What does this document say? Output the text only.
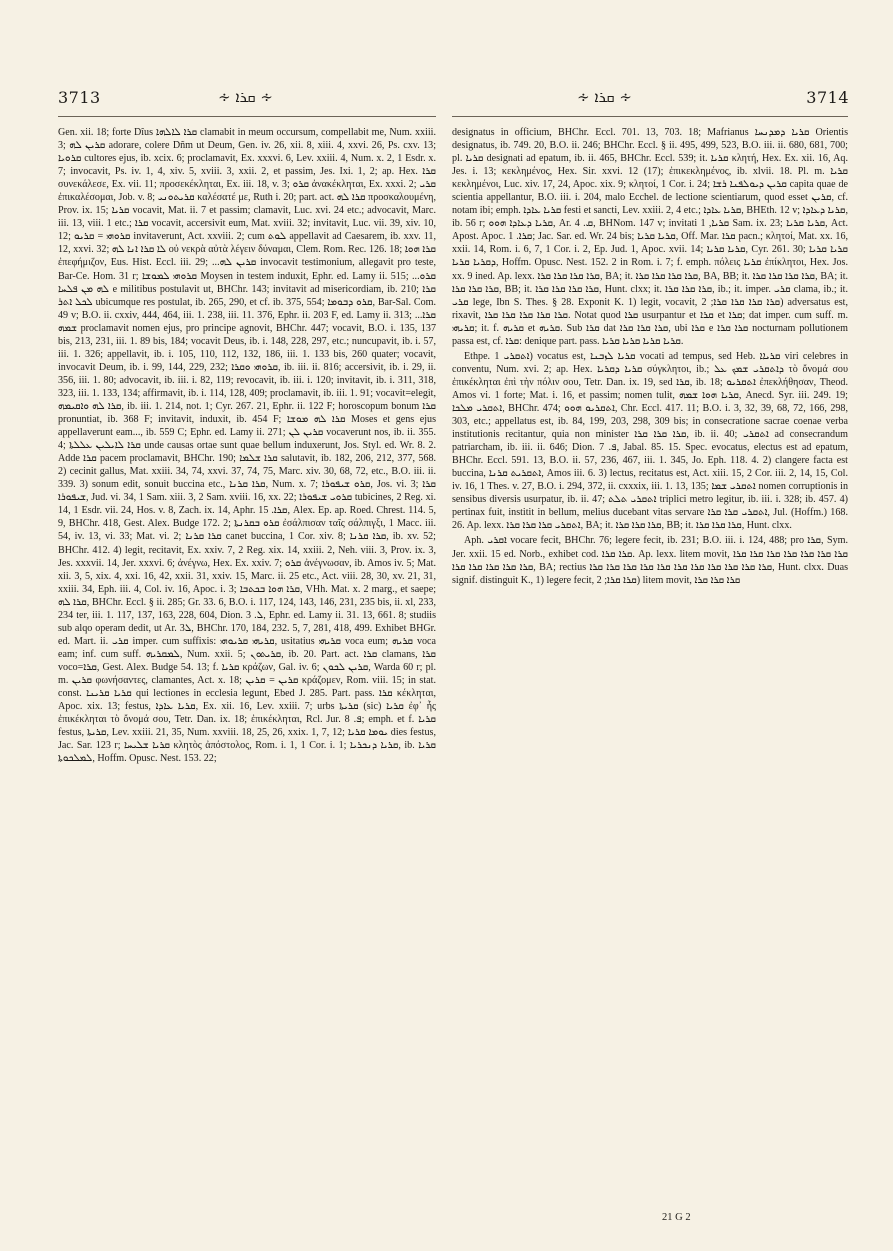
3713	∻ ܩܪܐ ∻	∻ ܩܪܐ ∻	3714

Gen. xii. 18; forte Dîus ܩܪܐ ܠܐܠܗܐ clamabit in meum occursum, compellabit me, Num. xxiii. 3; ܩܪܝܢ ܠܗ adorare, colere Dñm ut Deum, Gen. iv. 26, xii. 8, xiii. 4, xxvi. 26, Ps. cxv. 13; ܩܪܘܝܐ cultores ejus, ib. xcix. 6; proclamavit, Ex. xxxvi. 6, Lev. xxiii. 4, Num. x. 2, 1 Esdr. x. 7; invocavit, Ps. iv. 1, 4, xiv. 5, xviii. 3, xxii. 2, et passim, Jes. Ixi. 1, 2; ap. Hex. ܩܪܐ συνεκάλεσε, Ex. vii. 11; προσεκέκληται, Ex. iii. 18, v. 3; ܩܪܘ ἀνακέκληται, Ex. xxxi. 2; ܩܪܝ ἐπικαλέσομαι, Job. v. 8; ܩܪܝܬܘܢܝ καλέσατέ με, Ruth i. 20; part. act. ܩܪܐ ܠܗ προσκαλουμένη, Prov. ix. 15; ܩܪܝܐ vocavit, Mat. ii. 7 et passim; clamavit, Luc. xvi. 24 etc.; advocavit, Marc. iii. 13, viii. 1 etc.; ܩܪܐ vocavit, accersivit eum, Mat. xviii. 32; invitavit, Luc. vii. 39, xiv. 10, 12; ܩܪܘܗܝ = ܩܪܝܘ invitaverunt, Act. xxviii. 2; cum ܠܘܬ appellavit ad Caesarem, ib. xxv. 11, 12, xxvi. 32; ܠܐ ܩܪܐ ܐܢܐ ܠܗ οὐ νεκρὰ αὐτὰ λέγειν δύναμαι, Clem. Rom. Rec. 126. 18; ܩܪܐ ܗܘܐ ἐπεφήμιζον, Eus. Hist. Eccl. iii. 29; ...ܩܪܝܢ ܠܗ invocavit testimonium, allegavit pro teste, Bar-Ce. Hom. 31 r; ܩܪܘܗܝ ܠܡܘܫܐ Moysen in testem induxit, Ephr. ed. Lamy ii. 515; ...ܩܪܘ ܠܗ ܡܢ ܦܠܚܐ e militibus postulavit ut, BHChr. 143; invitavit ad misericordiam, ib. 210; ܩܪܐ ܠܟܠ ܐܬܪ ubicumque res postulat, ib. 265, 290, et cf. ib. 375, 554; ܩܪܘ ܕܒܘܡܐ, Bar-Sal. Com. 49 v; B.O. ii. cxxiv, 444, 464, iii. 1. 238, iii. 11. 376, Ephr. ii. 203 F, ed. Lamy ii. 313; ...ܩܪܐ ܫܡܗ proclamavit nomen ejus, pro principe agnovit, BHChr. 447; vocavit, B.O. i. 135, 137 bis, 213, 231, iii. 1. 89 bis, 184; vocavit Deus, ib. i. 148, 228, 297, etc.; nuncupavit, ib. i. 57, iii. 1. 326; appellavit, ib. i. 105, 110, 112, 132, 186, iii. 1. 133 bis, 260 quater; vocavit, invocavit Deum, ib. i. 99, 144, 229, 232; ܩܪܘܗܝ ܘܩܪܐ, ib. iii. ii. 816; accersivit, ib. i. 29, ii. 356, iii. 1. 80; advocavit, ib. iii. i. 82, 119; revocavit, ib. iii. i. 120; invitavit, ib. i. 311, 318, 323, iii. 1. 133, 134; affirmavit, ib. i. 114, 128, 409; proclamavit, ib. iii. 1. 91; vocavit=elegit, ܩܪܐ ܠܗ ܘܐܩܝܡܗ, ib. iii. 1. 214, not. 1; Cyr. 267. 21, Ephr. ii. 122 F; horoscopum bonum ܩܪܐ pronuntiat, ib. 368 F; invitavit, induxit, ib. 454 F; ܩܪܐ ܠܗ ܡܘܫܐ Moses et gens ejus appellaverunt eam..., ib. 559 C; Ephr. ed. Lamy ii. 271; ܩܪܝܢ ܠܢ vocaverunt nos, ib. ii. 355. 4; ܩܪܐ ܠܐܝܠܝܢ ܥܠܠܬܐ unde causas ortae sunt quae bellum induxerunt, Jos. Styl. ed. Wr. 8. 2. Adde ܩܪܐ pacem proclamavit, BHChr. 190; ܩܪܐ ܫܠܡܐ salutavit, ib. 182, 206, 212, 377, 568. 2) cecinit gallus, Mat. xxiii. 34, 74, xxvi. 37, 74, 75, Marc. xiv. 30, 68, 72, etc., B.O. iii. ii. 339. 3) sonum edit, sonuit buccina etc., ܩܪܐ ܩܪܢܐ, Num. x. 7; ܩܪܘ ܫܝܦܘܪܐ, Jos. vi. 3; ܩܪܐ ܫܝܦܘܪܐ, Jud. vi. 34, 1 Sam. xiii. 3, 2 Sam. xviii. 16, xx. 22; ܩܪܘܝ ܫܝܦܘܪܐ tubicines, 2 Reg. xi. 14, 1 Esdr. vii. 24, Hos. v. 8, Zach. ix. 14, Aphr. ܩܪܐ. 15, Alex. Ep. ap. Roed. Chrest. 114. 5, 9, BHChr. 418, Gest. Alex. Budge 172. 2; ܩܪܘ ܒܩܪܢܬܐ ἐσάλπισαν ταῖς σάλπιγξι, 1 Macc. iii. 54, iv. 13, vi. 33; Mat. vi. 2; ܩܪܐ ܩܪܢܐ canet buccina, 1 Cor. xiv. 8; ܩܪܐ ܩܪܢܐ, ib. xv. 52; BHChr. 412. 4) legit, recitavit, Ex. xxiv. 7, 2 Reg. xix. 14, xxiii. 2, Neh. viii. 3, Prov. ix. 3, Jes. xxxvii. 14, Jer. xxxvi. 6; ἀνέγνω, Hex. Ex. xxiv. 7; ܩܪܘ ἀνέγνωσαν, ib. Amos iv. 5; Mat. xii. 3, 5, xix. 4, xxi. 16, 42, xxii. 31, xxiv. 15, Marc. ii. 25 etc., Act. viii. 28, 30, xv. 21, 31, xxiii. 34, Eph. iii. 4, Col. iv. 16, Apoc. i. 3; ܩܪܐ ܗܘܐ ܒܟܬܒܐ, VHh. Mat. x. 2 marg., et saepe; ܩܪܐ ܠܗ, BHChr. Eccl. § ii. 285; Gr. 33. 6, B.O. i. 117, 124, 143, 146, 231, 235 bis, ii. xl, 233, 234 ter, iii. 1. 117, 137, 163, 228, 604, Dion. ܠ. 3, Ephr. ed. Lamy ii. 31. 13, 661. 8; studiis sub alqo operam dedit, ut Ar. ܠ3, BHChr. 170, 184, 232. 5, 7, 281, 418, 499. Exhibet BHGr. ed. Mart. ii. ܩܪܝ imper. cum suffixis: ܩܪܝܗܝ ܩܪܝܘܗܝ, usitatius ܩܪܝܗܝ voca eum; ܩܪܝܗ voca eam; inf. cum suff. ܠܡܩܪܝܗ, Num. xxii. 5; ܩܪܝܬܘܢ, ib. 20. Part. act. ܩܪܐ clamans, ܩܪܐ voco=ܩܪܐ, Gest. Alex. Budge 54. 13; f. ܩܪܝܐ κράζων, Gal. iv. 6; ܩܪܝܢ ܠܟܘܢ, Warda 60 r; pl. m. ܩܪܝܢ φωνήσαντες, clamantes, Act. x. 18; ܩܪܝܢ = ܩܪܝܢ κράζομεν, Rom. viii. 15; in stat. const. ܩܪܝܐ ܩܪܝܢܐ qui lectiones in ecclesia legunt, Ebed J. 285. Part. pass. ܩܪܐ κέκληται, Apoc. xix. 13; festus, ܩܪܝܐ ܥܐܕܐ, Ex. xii. 16, Lev. xxiii. 7; urbs ܩܪܝܬܐ (sic) ܩܪܝܐ ἐφ᾽ ἧς ἐπικέκληται τὸ ὄνομά σου, Tetr. Dan. ix. 18; ἐπικέκληται, Rcl. Jur. ܦ. 8; emph. et f. ܩܪܝܐ festus, ܩܪܝܬܐ, Lev. xxiii. 21, 35, Num. xxviii. 18, 25, 26, xxix. 1, 7, 12; ܝܘܡܐ ܩܪܝܐ dies festus, Jac. Sar. 123 r; ܩܪܝܐ ܫܠܝܚܐ κλητὸς ἀπόστολος, Rom. i. 1, 1 Cor. i. 1; ܩܪܝܐ ܕܢܟܪܝܐ, ib. ܩܪܝܐ ܠܡܠܟܘܬܐ, Hoffm. Opusc. Nest. 153. 22;

designatus in officium, BHChr. Eccl. 701. 13, 703. 18; Mafrianus ܩܪܝܐ ܕܡܕܢܚܐ Orientis designatus, ib. 749. 20, B.O. ii. 246; BHChr. Eccl. § ii. 495, 499, 523, B.O. iii. ii. 680, 681, 700; pl. ܩܪܝܐ designati ad epatum, ib. ii. 465, BHChr. Eccl. 539; it. ܩܪܝܐ κλητή, Hex. Ex. xii. 16, Aq. Jes. i. 13; κεκλημένος, Hex. Sir. xxvi. 12 (17); ἐπικεκλημένος, ib. xlvii. 18. Pl. m. ܩܪܝܐ κεκλημένοι, Luc. xiv. 17, 24, Apoc. xix. 9; κλητοί, 1 Cor. i. 24; ܩܪܝܢ ܕܝܘܠܦܢܐ ܪܫܐ capita quae de scientia appellantur, B.O. iii. i. 204, malo Ecchel. de lectione scientiarum, quod esset ܩܪܝܢ, cf. notam ibi; emph. ܩܪܝܐ ܥܐܕܐ festi et sancti, Lev. xxiii. 2, 4 etc.; ܩܪܝܐ ܥܐܕܐ, BHEth. 12 v; ܩܪܝܐ ܕܥܐܕܐ, ib. 56 r; ܩܪܝܐ ܕܥܐܕܐ ܗܘܘ, Ar. ܩ. 4, BHNom. 147 v; invitati ܩܪܝܐ, 1 Sam. ix. 23; ܩܪܝܐ ܩܪܝܐ, Act. Apost. Apoc. ܩܪܐ. 1; Jac. Sar. ed. Wr. 24 bis; ܩܪܝܐ ܩܪܝܐ, Off. Mar. ܩܪܐ pacn.; κλητοί, Mat. xx. 16, xxii. 14, Rom. i. 6, 7, 1 Cor. i. 2, Ep. Jud. 1, Apoc. xvii. 14; ܩܪܝܐ ܩܪܝܐ, Cyr. 261. 30; ܩܪܝܐ ܩܪܝܐ ܕܩܪܝܐ ܩܪܝܐ, Hoffm. Opusc. Nest. 152. 2 in Rom. i. 7; f. emph. πόλεις ܩܪܝܐ ἐπίκλητοι, Hex. Jos. xx. 9 ined. Ap. lexx. ܩܪܐ ܩܪܐ ܩܪܐ ܩܪܐ, BA; it. ܩܪܐ ܩܪܐ ܩܪܐ ܩܪܐ, BA, BB; it. ܩܪܐ ܩܪܐ ܩܪܐ ܩܪܐ, BA; it. ܩܪܐ ܩܪܐ ܩܪܐ, BB; it. ܩܪܐ ܩܪܐ ܩܪܐ ܩܪܐ, Hunt. clxx; it. ܩܪܐ ܩܪܐ ܩܪܐ, ib.; it. imper. ܩܪܝ clama, ib.; it. ܩܪܝ lege, Ibn S. Thes. § 28. Exponit K. 1) legit, vocavit, ܩܪܐ ܩܪܐ ܩܪܐ ܩܪܐ; 2) adversatus est, rixavit, ܩܪܐ ܩܪܐ ܩܪܐ ܩܪܐ ܩܪܐ. Notat quod ܩܪܐ usurpantur et ܩܪܐ et ܩܪܐ; dat imper. cum suff. m. ܩܪܝܗܝ; it. f. ܩܪܝܗ et ܩܪܝܗ. Sub ܩܪܐ dat ܩܪܐ ܩܪܐ ܩܪܐ, ubi ܩܪܐ e ܩܪܐ ܩܪܐ nocturnam pollutionem passa est, cf. ܩܪܐ: denique part. pass. ܩܪܝܐ ܩܪܝܐ ܩܪܝܐ ܩܪܝܐ.

Ethpe. ܐܬܩܪܝ 1) vocatus est, ܩܪܝܐ ܠܙܒܢܐ vocati ad tempus, sed Heb. ܩܪܝܐܐ viri celebres in conventu, Num. xvi. 2; ap. Hex. ܩܪܝܐ ܕܩܪܝܐ σύγκλητοι, ib.; ܕܐܬܩܪܝ ܫܡܟ ܥܠ τὸ ὄνομά σου ἐπικέκληται ἐπὶ τὴν πόλιν σου, Tetr. Dan. ix. 19, sed ܩܪܐ, ib. 18; ܐܬܩܪܝܘ ἐπεκλήθησαν, Theod. Amos vi. 1 forte; Mat. i. 16, et passim; nomen tulit, ܩܪܝܐ ܗܘܐ ܫܡܗ, Anecd. Syr. iii. 249. 19; ܐܬܩܪܝ ܡܠܟܐ, BHChr. 474; ܐܬܩܪܝܘ ܗܘܘ, Chr. Eccl. 417. 11; B.O. i. 3, 32, 39, 68, 72, 166, 298, 303, etc.; appellatus est, ib. 84, 199, 203, 298, 309 bis; in consecratione sacrae coenae verba institutionis recitantur, quia non minister ܩܪܐ ܩܪܐ ܩܪܐ, ib. ii. 40; ܐܬܩܪܝ ad consecrandum patriarcham, ib. iii. ii. 646; Dion. ܦ. 7, Jabal. 85. 15. Spec. evocatus, electus est ad epatum, BHChr. Eccl. 591. 13, B.O. ii. 57, 236, 467, iii. 1. 345, Jo. Eph. 118. 4. 2) clangere facta est buccina, ܐܬܩܪܝܬ ܩܪܢܐ, Amos iii. 6. 3) lectus, recitatus est, Act. xiii. 15, 2 Cor. iii. 2, 14, 15, Col. iv. 16, 1 Thes. v. 27, B.O. i. 294, 372, ii. cxxxix, iii. 1. 13, 135; ܐܬܩܪܝ ܫܡܐ nomen corruptionis in sensibus diversis usurpatur, ib. ii. 47; ܐܬܩܪܝ ܬܠܬ triplici metro legitur, ib. iii. i. 328; ib. 457. 4) pertinax fuit, institit in bellum, melius ducebant vitas servare ܐܬܩܪܝ ܩܪܐ ܩܪܐ, Jul. (Hoffm.) 168. 26. Ap. lexx. ܐܬܩܪܝ ܩܪܐ ܩܪܐ ܩܪܐ, BA; it. ܩܪܐ ܩܪܐ ܩܪܐ, BB; it. ܩܪܐ ܩܪܐ ܩܪܐ, Hunt. clxx.

Aph. ܐܩܪܝ vocare fecit, BHChr. 76; legere fecit, ib. 231; B.O. iii. i. 124, 488; pro ܩܪܐ, Sym. Jer. xxii. 15 ed. Norb., exhibet cod. ܩܪܐ ܩܪܐ. Ap. lexx. litem movit, ܩܪܐ ܩܪܐ ܩܪܐ ܩܪܐ ܩܪܐ ܩܪܐ ܩܪܐ ܩܪܐ ܩܪܐ ܩܪܐ ܩܪܐ ܩܪܐ, BA; rectius ܩܪܐ ܩܪܐ ܩܪܐ ܩܪܐ ܩܪܐ ܩܪܐ ܩܪܐ ܩܪܐ ܩܪܐ ܩܪܐ ܩܪܐ, Hunt. clxx. Duas signif. distinguit K., 1) legere fecit, ܩܪܐ ܩܪܐ; 2) litem movit, ܩܪܐ ܩܪܐ ܩܪܐ

21 G 2
